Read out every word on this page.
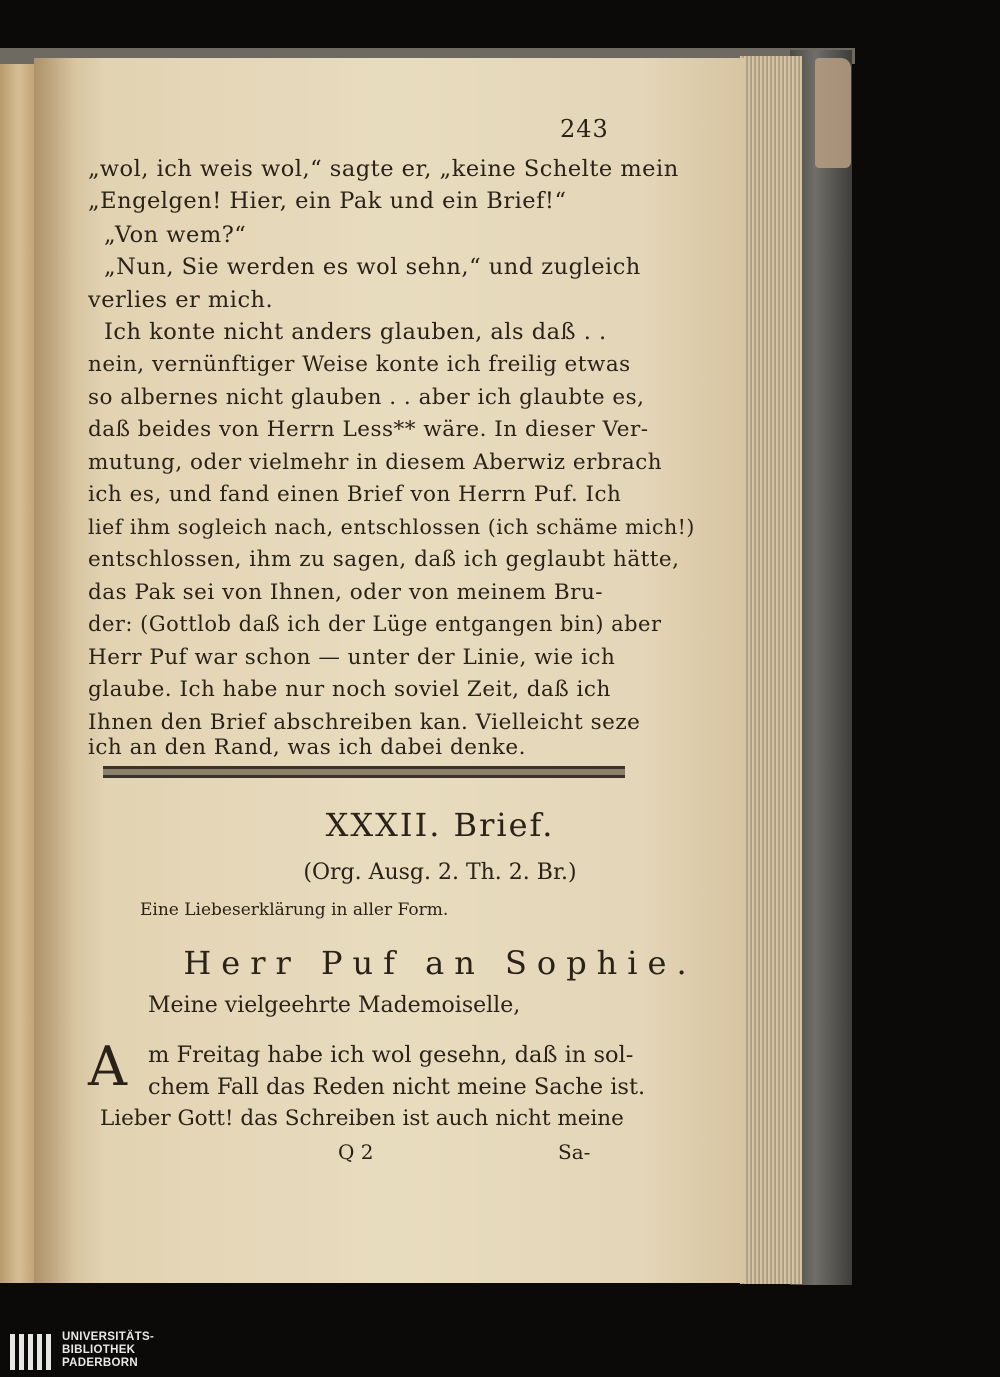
243
„wol, ich weis wol,“ sagte er, „keine Schelte mein
„Engelgen! Hier, ein Pak und ein Brief!“
„Von wem?“
„Nun, Sie werden es wol sehn,“ und zugleich
verlies er mich.
Ich konte nicht anders glauben, als daß . .
nein, vernünftiger Weise konte ich freilig etwas
so albernes nicht glauben . . aber ich glaubte es,
daß beides von Herrn Less** wäre. In dieser Ver-
mutung, oder vielmehr in diesem Aberwiz erbrach
ich es, und fand einen Brief von Herrn Puf. Ich
lief ihm sogleich nach, entschlossen (ich schäme mich!)
entschlossen, ihm zu sagen, daß ich geglaubt hätte,
das Pak sei von Ihnen, oder von meinem Bru-
der: (Gottlob daß ich der Lüge entgangen bin) aber
Herr Puf war schon — unter der Linie, wie ich
glaube. Ich habe nur noch soviel Zeit, daß ich
Ihnen den Brief abschreiben kan. Vielleicht seze
ich an den Rand, was ich dabei denke.
XXXII. Brief.
(Org. Ausg. 2. Th. 2. Br.)
Eine Liebeserklärung in aller Form.
Herr Puf an Sophie.
Meine vielgeehrte Mademoiselle,
A m Freitag habe ich wol gesehn, daß in sol-
chem Fall das Reden nicht meine Sache ist.
Lieber Gott! das Schreiben ist auch nicht meine
Q 2	Sa-
UNIVERSITÄTS-
BIBLIOTHEK
PADERBORN
